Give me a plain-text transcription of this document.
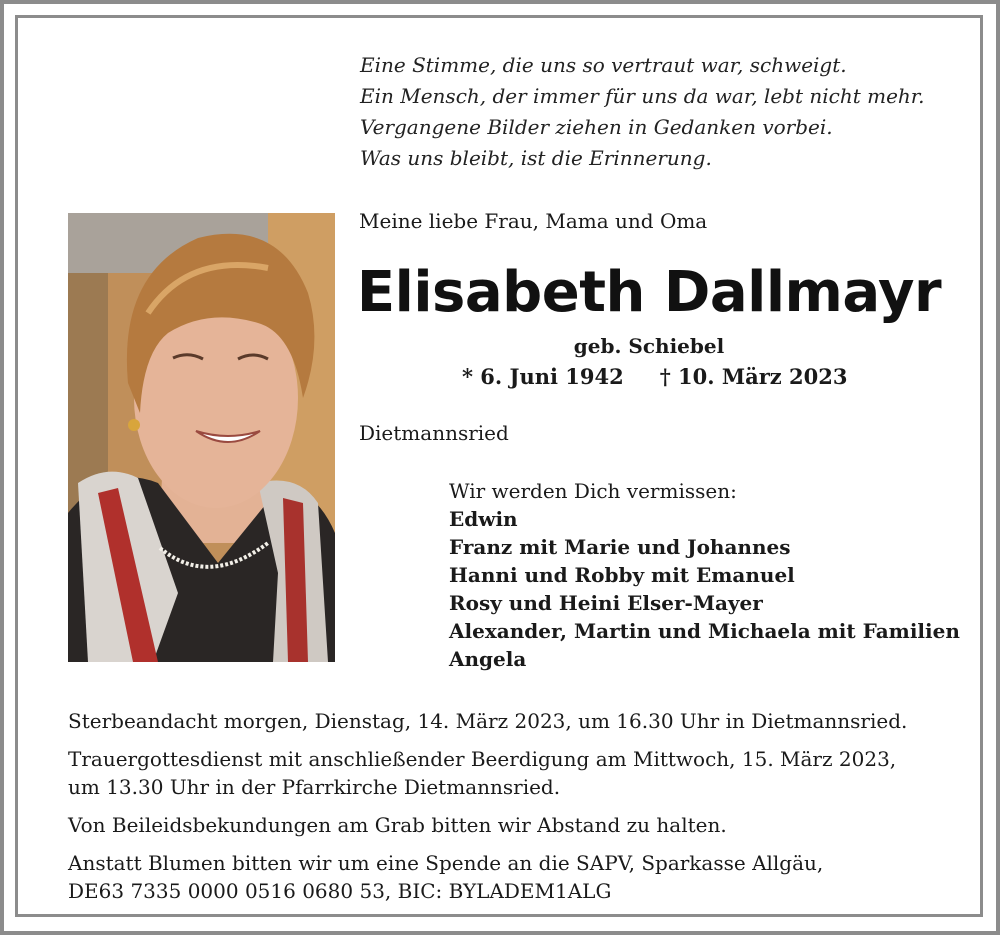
Eine Stimme, die uns so vertraut war, schweigt.
Ein Mensch, der immer für uns da war, lebt nicht mehr.
Vergangene Bilder ziehen in Gedanken vorbei.
Was uns bleibt, ist die Erinnerung.
Meine liebe Frau, Mama und Oma
Elisabeth Dallmayr
geb. Schiebel
* 6. Juni 1942 † 10. März 2023
Dietmannsried
Wir werden Dich vermissen:
Edwin
Franz mit Marie und Johannes
Hanni und Robby mit Emanuel
Rosy und Heini Elser-Mayer
Alexander, Martin und Michaela mit Familien
Angela

Sterbeandacht morgen, Dienstag, 14. März 2023, um 16.30 Uhr in Dietmannsried.

Trauergottesdienst mit anschließender Beerdigung am Mittwoch, 15. März 2023,
um 13.30 Uhr in der Pfarrkirche Dietmannsried.

Von Beileidsbekundungen am Grab bitten wir Abstand zu halten.

Anstatt Blumen bitten wir um eine Spende an die SAPV, Sparkasse Allgäu,
DE63 7335 0000 0516 0680 53, BIC: BYLADEM1ALG
